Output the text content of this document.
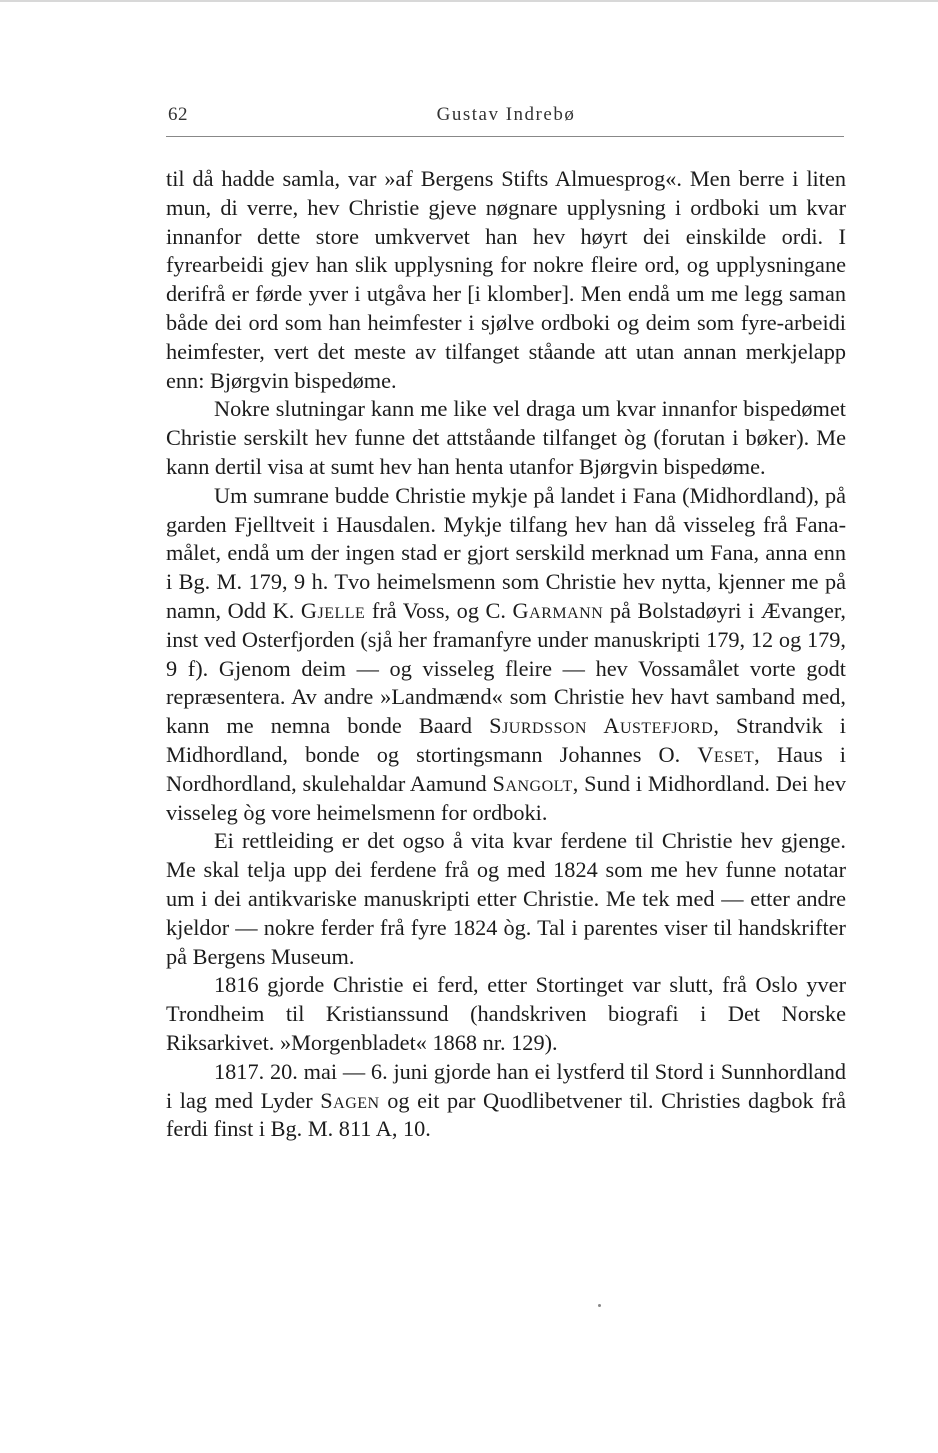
62	Gustav Indrebø

til då hadde samla, var »af Bergens Stifts Almuesprog«. Men berre i liten mun, di verre, hev Christie gjeve nøgnare upplysning i ordboki um kvar innanfor dette store umkvervet han hev høyrt dei einskilde ordi. I fyrearbeidi gjev han slik upplysning for nokre fleire ord, og upplysningane derifrå er førde yver i utgåva her [i klomber]. Men endå um me legg saman både dei ord som han heimfester i sjølve ordboki og deim som fyre-arbeidi heimfester, vert det meste av tilfanget ståande att utan annan merkjelapp enn: Bjørgvin bispedøme.

Nokre slutningar kann me like vel draga um kvar innanfor bispedømet Christie serskilt hev funne det attståande tilfanget òg (forutan i bøker). Me kann dertil visa at sumt hev han henta utanfor Bjørgvin bispedøme.

Um sumrane budde Christie mykje på landet i Fana (Midhordland), på garden Fjelltveit i Hausdalen. Mykje tilfang hev han då visseleg frå Fana-målet, endå um der ingen stad er gjort serskild merknad um Fana, anna enn i Bg. M. 179, 9 h. Tvo heimelsmenn som Christie hev nytta, kjenner me på namn, Odd K. Gjelle frå Voss, og C. Garmann på Bolstadøyri i Ævanger, inst ved Osterfjorden (sjå her framanfyre under manuskripti 179, 12 og 179, 9 f). Gjenom deim — og visseleg fleire — hev Vossamålet vorte godt repræsentera. Av andre »Landmænd« som Christie hev havt samband med, kann me nemna bonde Baard Sjurdsson Austefjord, Strandvik i Midhordland, bonde og stortingsmann Johannes O. Veset, Haus i Nordhordland, skulehaldar Aamund Sangolt, Sund i Midhordland. Dei hev visseleg òg vore heimelsmenn for ordboki.

Ei rettleiding er det ogso å vita kvar ferdene til Christie hev gjenge. Me skal telja upp dei ferdene frå og med 1824 som me hev funne notatar um i dei antikvariske manuskripti etter Christie. Me tek med — etter andre kjeldor — nokre ferder frå fyre 1824 òg. Tal i parentes viser til handskrifter på Bergens Museum.

1816 gjorde Christie ei ferd, etter Stortinget var slutt, frå Oslo yver Trondheim til Kristianssund (handskriven biografi i Det Norske Riksarkivet. »Morgenbladet« 1868 nr. 129).

1817. 20. mai — 6. juni gjorde han ei lystferd til Stord i Sunnhordland i lag med Lyder Sagen og eit par Quodlibetvener til. Christies dagbok frå ferdi finst i Bg. M. 811 A, 10.
